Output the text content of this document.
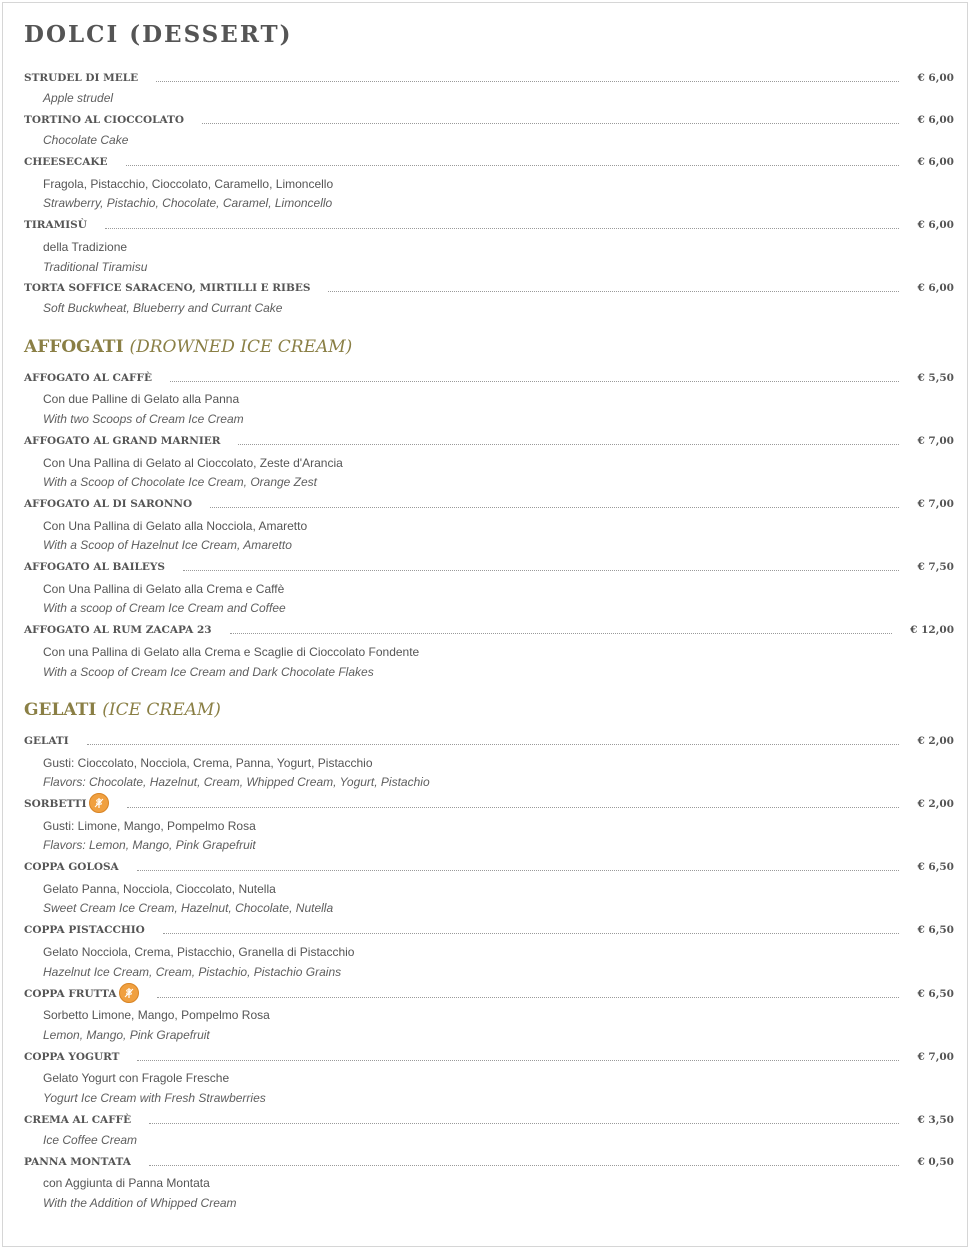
DOLCI (DESSERT)
STRUDEL DI MELE	€ 6,00
Apple strudel
TORTINO AL CIOCCOLATO	€ 6,00
Chocolate Cake
CHEESECAKE	€ 6,00
Fragola, Pistacchio, Cioccolato, Caramello, Limoncello
Strawberry, Pistachio, Chocolate, Caramel, Limoncello
TIRAMISÙ	€ 6,00
della Tradizione
Traditional Tiramisu
TORTA SOFFICE SARACENO, MIRTILLI E RIBES	€ 6,00
Soft Buckwheat, Blueberry and Currant Cake
AFFOGATI (DROWNED ICE CREAM)
AFFOGATO AL CAFFÈ	€ 5,50
Con due Palline di Gelato alla Panna
With two Scoops of Cream Ice Cream
AFFOGATO AL GRAND MARNIER	€ 7,00
Con Una Pallina di Gelato al Cioccolato, Zeste d'Arancia
With a Scoop of Chocolate Ice Cream, Orange Zest
AFFOGATO AL DI SARONNO	€ 7,00
Con Una Pallina di Gelato alla Nocciola, Amaretto
With a Scoop of Hazelnut Ice Cream, Amaretto
AFFOGATO AL BAILEYS	€ 7,50
Con Una Pallina di Gelato alla Crema e Caffè
With a scoop of Cream Ice Cream and Coffee
AFFOGATO AL RUM ZACAPA 23	€ 12,00
Con una Pallina di Gelato alla Crema e Scaglie di Cioccolato Fondente
With a Scoop of Cream Ice Cream and Dark Chocolate Flakes
GELATI (ICE CREAM)
GELATI	€ 2,00
Gusti: Cioccolato, Nocciola, Crema, Panna, Yogurt, Pistacchio
Flavors: Chocolate, Hazelnut, Cream, Whipped Cream, Yogurt, Pistachio
SORBETTI	€ 2,00
Gusti: Limone, Mango, Pompelmo Rosa
Flavors: Lemon, Mango, Pink Grapefruit
COPPA GOLOSA	€ 6,50
Gelato Panna, Nocciola, Cioccolato, Nutella
Sweet Cream Ice Cream, Hazelnut, Chocolate, Nutella
COPPA PISTACCHIO	€ 6,50
Gelato Nocciola, Crema, Pistacchio, Granella di Pistacchio
Hazelnut Ice Cream, Cream, Pistachio, Pistachio Grains
COPPA FRUTTA	€ 6,50
Sorbetto Limone, Mango, Pompelmo Rosa
Lemon, Mango, Pink Grapefruit
COPPA YOGURT	€ 7,00
Gelato Yogurt con Fragole Fresche
Yogurt Ice Cream with Fresh Strawberries
CREMA AL CAFFÈ	€ 3,50
Ice Coffee Cream
PANNA MONTATA	€ 0,50
con Aggiunta di Panna Montata
With the Addition of Whipped Cream
